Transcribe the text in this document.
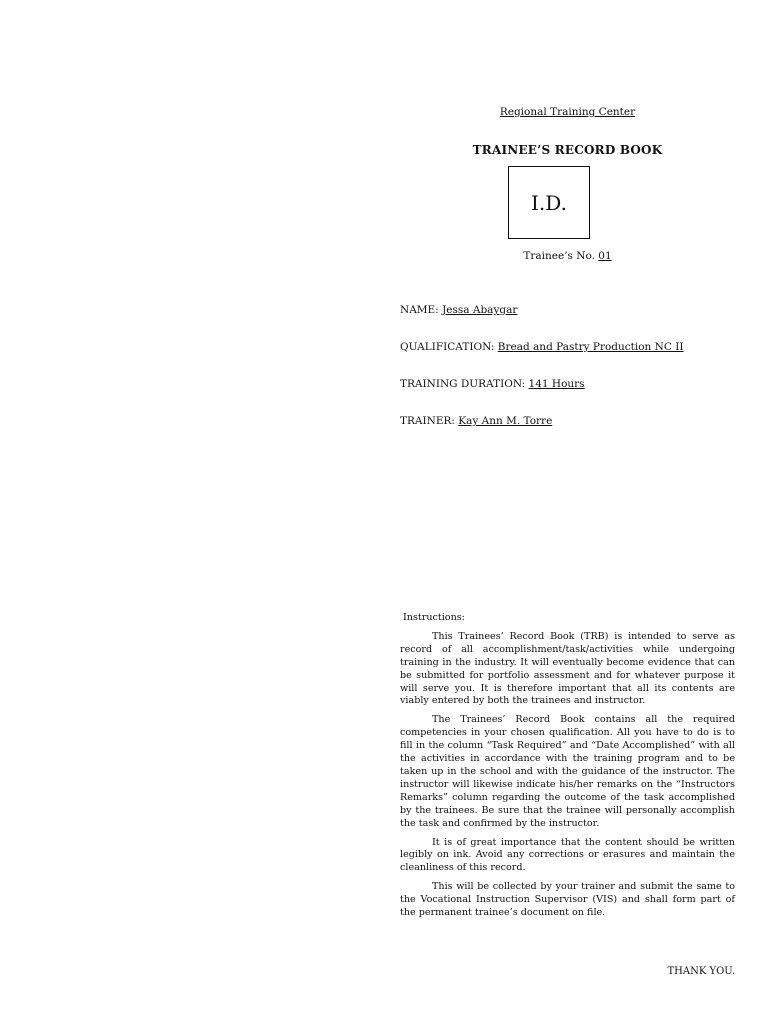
Regional Training Center
TRAINEE’S RECORD BOOK
I.D.
Trainee’s No. 01
NAME: Jessa Abaygar
QUALIFICATION: Bread and Pastry Production NC II
TRAINING DURATION: 141 Hours
TRAINER: Kay Ann M. Torre

Instructions:

This Trainees’ Record Book (TRB) is intended to serve as record of all accomplishment/task/activities while undergoing training in the industry. It will eventually become evidence that can be submitted for portfolio assessment and for whatever purpose it will serve you. It is therefore important that all its contents are viably entered by both the trainees and instructor.

The Trainees’ Record Book contains all the required competencies in your chosen qualification. All you have to do is to fill in the column “Task Required” and “Date Accomplished” with all the activities in accordance with the training program and to be taken up in the school and with the guidance of the instructor. The instructor will likewise indicate his/her remarks on the “Instructors Remarks” column regarding the outcome of the task accomplished by the trainees. Be sure that the trainee will personally accomplish the task and confirmed by the instructor.

It is of great importance that the content should be written legibly on ink. Avoid any corrections or erasures and maintain the cleanliness of this record.

This will be collected by your trainer and submit the same to the Vocational Instruction Supervisor (VIS) and shall form part of the permanent trainee’s document on file.

THANK YOU.
